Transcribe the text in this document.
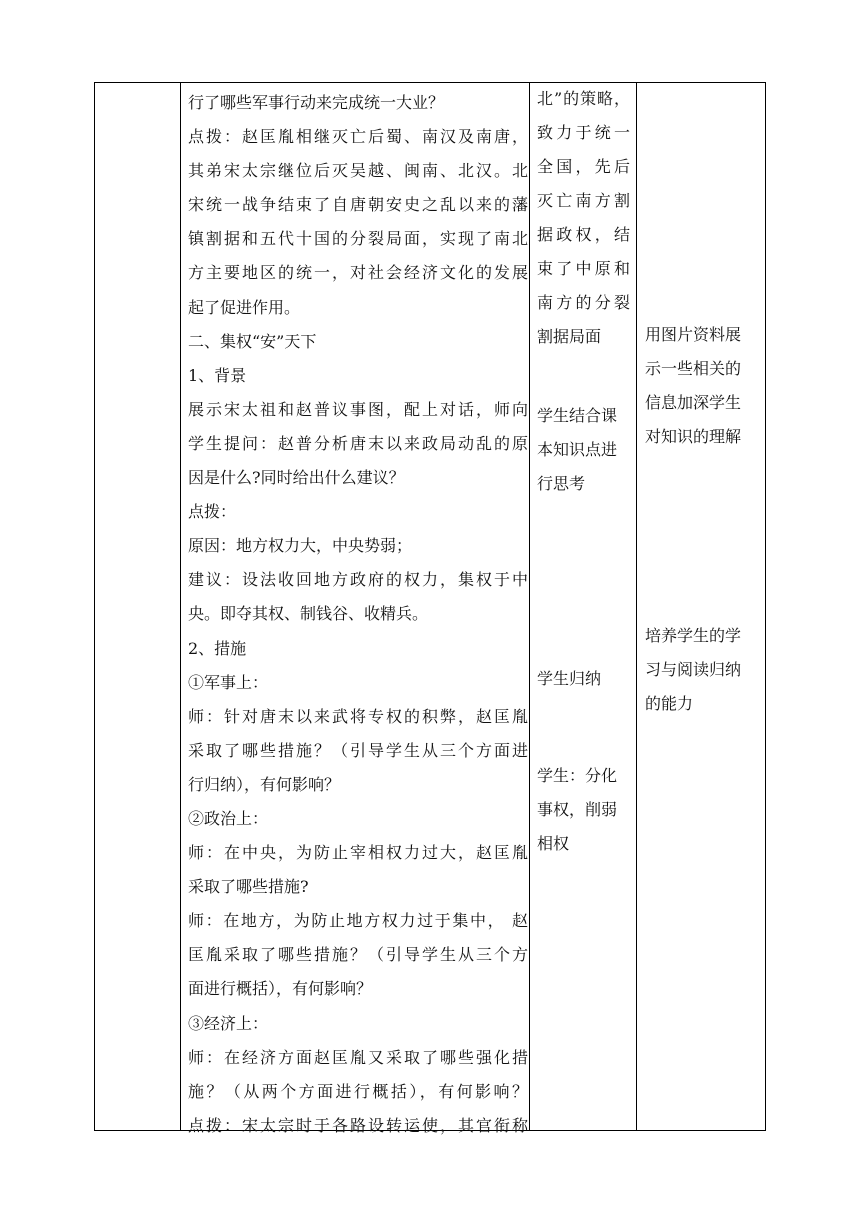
行了哪些军事行动来完成统一大业？
点拨：赵匡胤相继灭亡后蜀、南汉及南唐，
其弟宋太宗继位后灭吴越、闽南、北汉。北
宋统一战争结束了自唐朝安史之乱以来的藩
镇割据和五代十国的分裂局面，实现了南北
方主要地区的统一，对社会经济文化的发展
起了促进作用。
二、集权“安”天下
1、背景
展示宋太祖和赵普议事图，配上对话，师向
学生提问：赵普分析唐末以来政局动乱的原
因是什么?同时给出什么建议？
点拨：
原因：地方权力大，中央势弱；
建议：设法收回地方政府的权力，集权于中
央。即夺其权、制钱谷、收精兵。
2、措施
①军事上：
师：针对唐末以来武将专权的积弊，赵匡胤
采取了哪些措施？（引导学生从三个方面进
行归纳），有何影响？
②政治上：
师：在中央，为防止宰相权力过大，赵匡胤
采取了哪些措施?
师：在地方，为防止地方权力过于集中， 赵
匡胤采取了哪些措施？（引导学生从三个方
面进行概括），有何影响？
③经济上：
师：在经济方面赵匡胤又采取了哪些强化措
施？（从两个方面进行概括），有何影响？
点拨：宋太宗时于各路设转运使，其官衔称
北”的策略，
致力于统一
全国，先后
灭亡南方割
据政权，结
束了中原和
南方的分裂
割据局面
学生结合课
本知识点进
行思考
学生归纳
学生：分化
事权，削弱
相权
用图片资料展
示一些相关的
信息加深学生
对知识的理解
培养学生的学
习与阅读归纳
的能力
